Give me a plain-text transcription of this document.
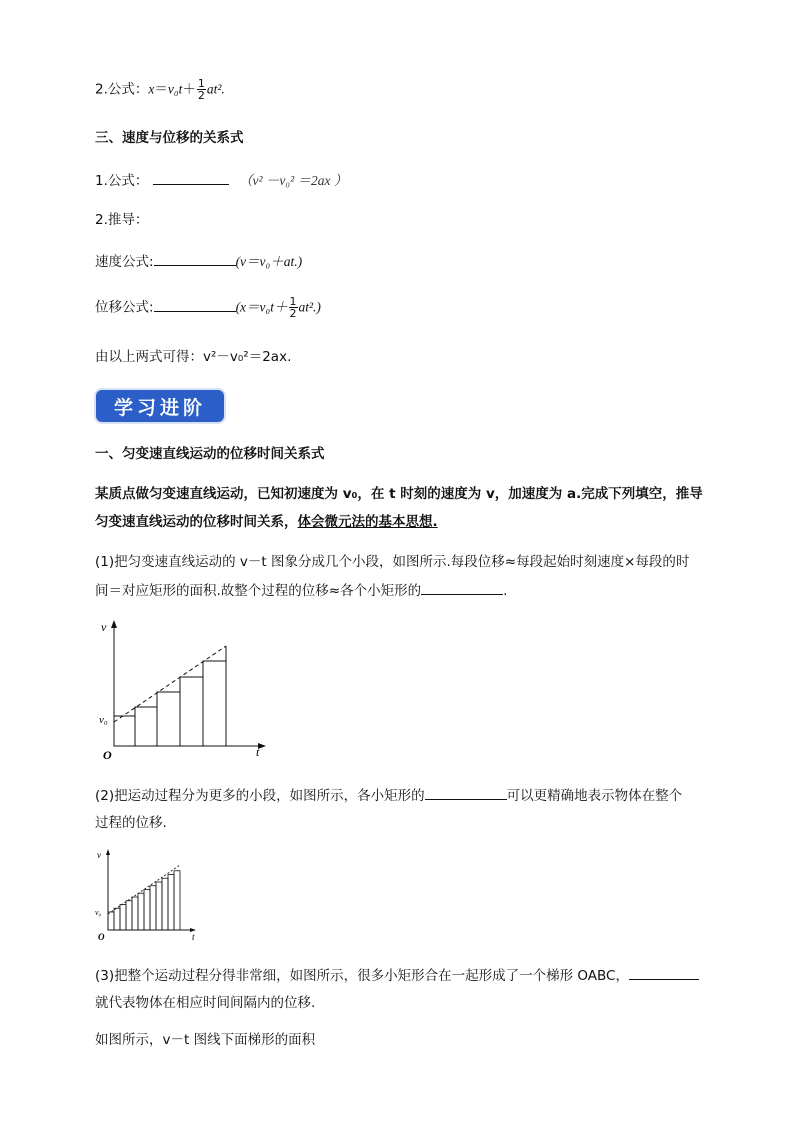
2.公式：$x=v_0t+ \frac{1}{2} at^2$.
三、速度与位移的关系式
1.公式：	（v² －v₀² ＝2ax ）
2.推导：
速度公式:	(v＝v₀＋at.)
位移公式:	$(x=v_0t+ \frac{1}{2} at^2.)$
由以上两式可得：v²－v₀²＝2ax.
学习进阶
一、匀变速直线运动的位移时间关系式
某质点做匀变速直线运动，已知初速度为 v₀，在 t 时刻的速度为 v，加速度为 a.完成下列填空，推导
匀变速直线运动的位移时间关系，体会微元法的基本思想.
(1)把匀变速直线运动的 v－t 图象分成几个小段，如图所示.每段位移≈每段起始时刻速度×每段的时
间＝对应矩形的面积.故整个过程的位移≈各个小矩形的	.
v
v₀
O	t
(2)把运动过程分为更多的小段，如图所示，各小矩形的	可以更精确地表示物体在整个
过程的位移.
v
v₀
O	t
(3)把整个运动过程分得非常细，如图所示，很多小矩形合在一起形成了一个梯形 OABC，
就代表物体在相应时间间隔内的位移.
如图所示，v－t 图线下面梯形的面积
